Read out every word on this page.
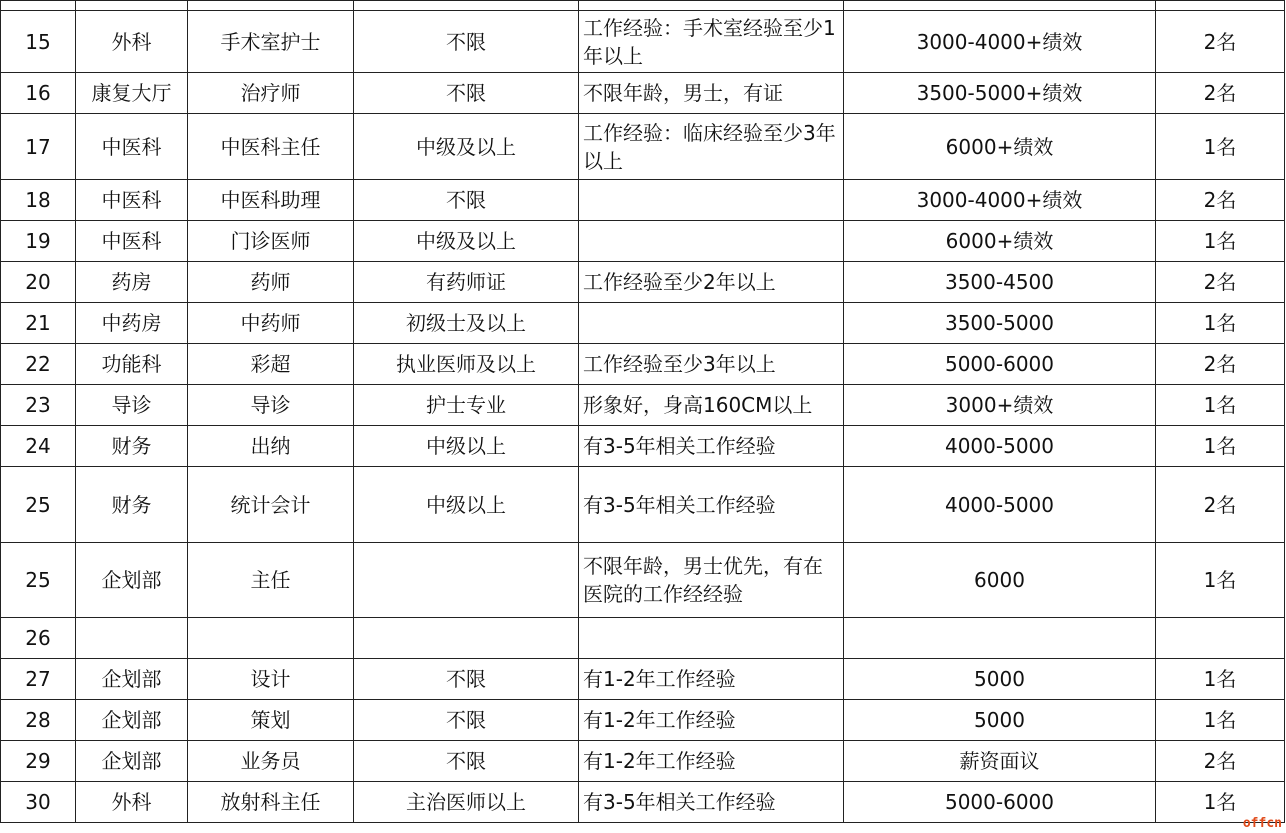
15	外科	手术室护士	不限	工作经验：手术室经验至少1年以上	3000-4000+绩效	2名
16	康复大厅	治疗师	不限	不限年龄，男士，有证	3500-5000+绩效	2名
17	中医科	中医科主任	中级及以上	工作经验：临床经验至少3年以上	6000+绩效	1名
18	中医科	中医科助理	不限		3000-4000+绩效	2名
19	中医科	门诊医师	中级及以上		6000+绩效	1名
20	药房	药师	有药师证	工作经验至少2年以上	3500-4500	2名
21	中药房	中药师	初级士及以上		3500-5000	1名
22	功能科	彩超	执业医师及以上	工作经验至少3年以上	5000-6000	2名
23	导诊	导诊	护士专业	形象好，身高160CM以上	3000+绩效	1名
24	财务	出纳	中级以上	有3-5年相关工作经验	4000-5000	1名
25	财务	统计会计	中级以上	有3-5年相关工作经验	4000-5000	2名
25	企划部	主任		不限年龄，男士优先，有在医院的工作经经验	6000	1名
26						
27	企划部	设计	不限	有1-2年工作经验	5000	1名
28	企划部	策划	不限	有1-2年工作经验	5000	1名
29	企划部	业务员	不限	有1-2年工作经验	薪资面议	2名
30	外科	放射科主任	主治医师以上	有3-5年相关工作经验	5000-6000	1名
offcn
